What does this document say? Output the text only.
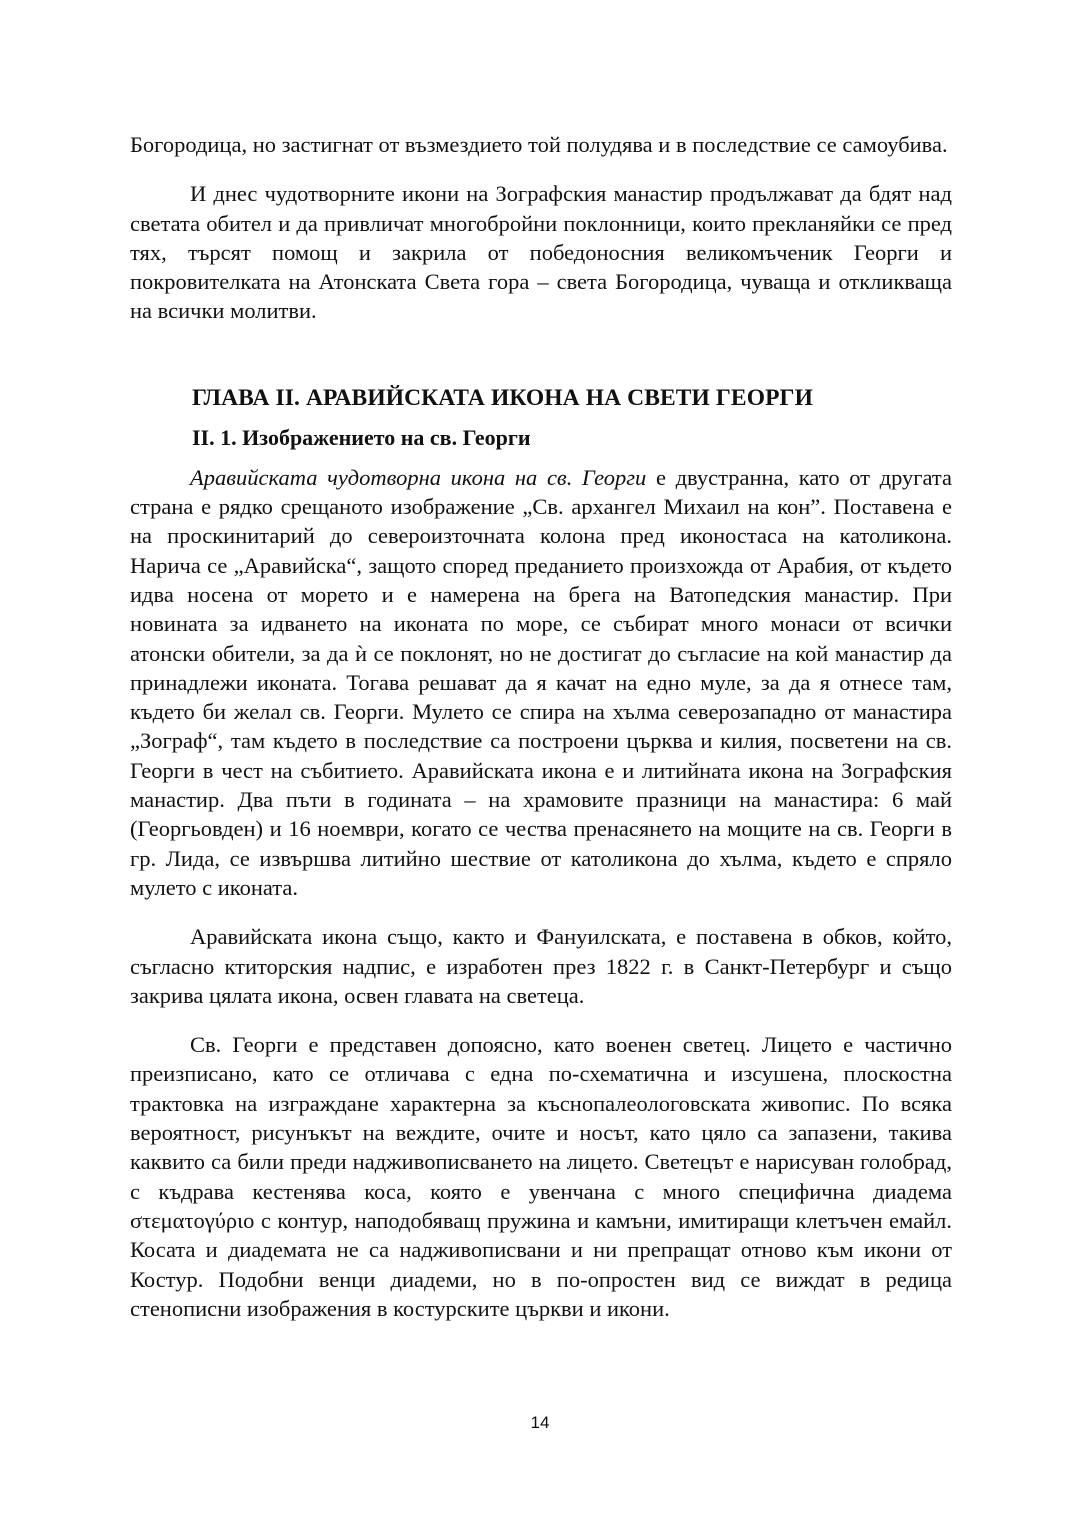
Богородица, но застигнат от възмездието той полудява и в последствие се самоубива.

И днес чудотворните икони на Зографския манастир продължават да бдят над светата обител и да привличат многобройни поклонници, които прекланяйки се пред тях, търсят помощ и закрила от победоносния великомъченик Георги и покровителката на Атонската Света гора – света Богородица, чуваща и откликваща на всички молитви.

ГЛАВА II. АРАВИЙСКАТА ИКОНА НА СВЕТИ ГЕОРГИ
II. 1. Изображението на св. Георги

Аравийската чудотворна икона на св. Георги е двустранна, като от другата страна е рядко срещаното изображение „Св. архангел Михаил на кон”. Поставена е на проскинитарий до североизточната колона пред иконостаса на католикона. Нарича се „Аравийска“, защото според преданието произхожда от Арабия, от където идва носена от морето и е намерена на брега на Ватопедския манастир. При новината за идването на иконата по море, се събират много монаси от всички атонски обители, за да ѝ се поклонят, но не достигат до съгласие на кой манастир да принадлежи иконата. Тогава решават да я качат на едно муле, за да я отнесе там, където би желал св. Георги. Мулето се спира на хълма северозападно от манастира „Зограф“, там където в последствие са построени църква и килия, посветени на св. Георги в чест на събитието. Аравийската икона е и литийната икона на Зографския манастир. Два пъти в годината – на храмовите празници на манастира: 6 май (Георгьовден) и 16 ноември, когато се чества пренасянето на мощите на св. Георги в гр. Лида, се извършва литийно шествие от католикона до хълма, където е спряло мулето с иконата.

Аравийската икона също, както и Фануилската, е поставена в обков, който, съгласно ктиторския надпис, е изработен през 1822 г. в Санкт-Петербург и също закрива цялата икона, освен главата на светеца.

Св. Георги е представен допоясно, като военен светец. Лицето е частично преизписано, като се отличава с една по-схематична и изсушена, плоскостна трактовка на изграждане характерна за къснопалеологовската живопис. По всяка вероятност, рисунъкът на веждите, очите и носът, като цяло са запазени, такива каквито са били преди надживописването на лицето. Светецът е нарисуван голобрад, с къдрава кестенява коса, която е увенчана с много специфична диадема στεματογύριο с контур, наподобяващ пружина и камъни, имитиращи клетъчен емайл. Косата и диадемата не са надживописвани и ни препращат отново към икони от Костур. Подобни венци диадеми, но в по-опростен вид се виждат в редица стенописни изображения в костурските църкви и икони.

14
